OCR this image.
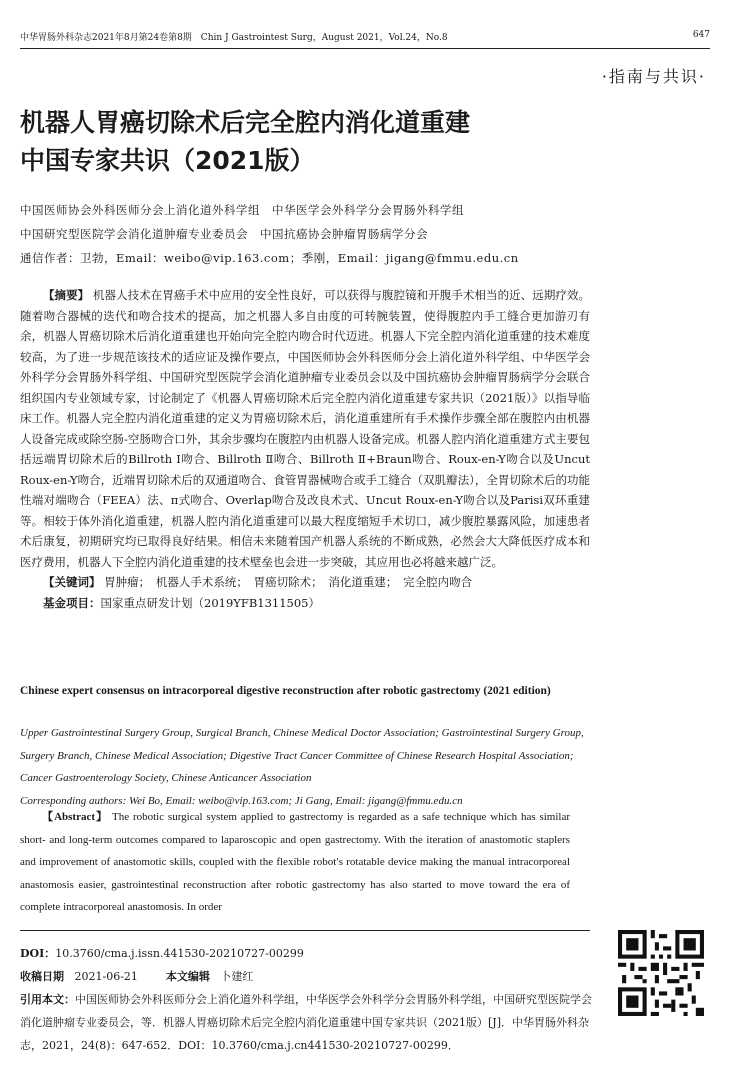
中华胃肠外科杂志2021年8月第24卷第8期　Chin J Gastrointest Surg，August 2021，Vol.24，No.8	647
·指南与共识·
机器人胃癌切除术后完全腔内消化道重建
中国专家共识（2021版）
中国医师协会外科医师分会上消化道外科学组　中华医学会外科学分会胃肠外科学组
中国研究型医院学会消化道肿瘤专业委员会　中国抗癌协会肿瘤胃肠病学分会
通信作者：卫勃，Email：weibo@vip.163.com；季刚，Email：jigang@fmmu.edu.cn

【摘要】 机器人技术在胃癌手术中应用的安全性良好，可以获得与腹腔镜和开腹手术相当的近、远期疗效。随着吻合器械的迭代和吻合技术的提高，加之机器人多自由度的可转腕装置，使得腹腔内手工缝合更加游刃有余，机器人胃癌切除术后消化道重建也开始向完全腔内吻合时代迈进。机器人下完全腔内消化道重建的技术难度较高，为了进一步规范该技术的适应证及操作要点，中国医师协会外科医师分会上消化道外科学组、中华医学会外科学分会胃肠外科学组、中国研究型医院学会消化道肿瘤专业委员会以及中国抗癌协会肿瘤胃肠病学分会联合组织国内专业领域专家，讨论制定了《机器人胃癌切除术后完全腔内消化道重建专家共识（2021版）》以指导临床工作。机器人完全腔内消化道重建的定义为胃癌切除术后，消化道重建所有手术操作步骤全部在腹腔内由机器人设备完成或除空肠-空肠吻合口外，其余步骤均在腹腔内由机器人设备完成。机器人腔内消化道重建方式主要包括远端胃切除术后的Billroth Ⅰ吻合、Billroth Ⅱ吻合、Billroth Ⅱ+Braun吻合、Roux-en-Y吻合以及Uncut Roux-en-Y吻合，近端胃切除术后的双通道吻合、食管胃器械吻合或手工缝合（双肌瓣法），全胃切除术后的功能性端对端吻合（FEEA）法、π式吻合、Overlap吻合及改良术式、Uncut Roux-en-Y吻合以及Parisi双环重建等。相较于体外消化道重建，机器人腔内消化道重建可以最大程度缩短手术切口，减少腹腔暴露风险，加速患者术后康复，初期研究均已取得良好结果。相信未来随着国产机器人系统的不断成熟，必然会大大降低医疗成本和医疗费用，机器人下全腔内消化道重建的技术壁垒也会进一步突破，其应用也必将越来越广泛。

【关键词】 胃肿瘤；　机器人手术系统；　胃癌切除术；　消化道重建；　完全腔内吻合

基金项目：国家重点研发计划（2019YFB1311505）

Chinese expert consensus on intracorporeal digestive reconstruction after robotic gastrectomy (2021 edition)
Upper Gastrointestinal Surgery Group, Surgical Branch, Chinese Medical Doctor Association; Gastrointestinal Surgery Group, Surgery Branch, Chinese Medical Association; Digestive Tract Cancer Committee of Chinese Research Hospital Association; Cancer Gastroenterology Society, Chinese Anticancer Association
Corresponding authors: Wei Bo, Email: weibo@vip.163.com; Ji Gang, Email: jigang@fmmu.edu.cn

【Abstract】 The robotic surgical system applied to gastrectomy is regarded as a safe technique which has similar short- and long-term outcomes compared to laparoscopic and open gastrectomy. With the iteration of anastomotic staplers and improvement of anastomotic skills, coupled with the flexible robot′s rotatable device making the manual intracorporeal anastomosis easier, gastrointestinal reconstruction after robotic gastrectomy has also started to move toward the era of complete intracorporeal anastomosis. In order

DOI：10.3760/cma.j.issn.441530-20210727-00299
收稿日期 2021-06-21	本文编辑 卜建红
引用本文：中国医师协会外科医师分会上消化道外科学组，中华医学会外科学分会胃肠外科学组，中国研究型医院学会消化道肿瘤专业委员会，等．机器人胃癌切除术后完全腔内消化道重建中国专家共识（2021版）[J]．中华胃肠外科杂志，2021，24(8)：647-652．DOI：10.3760/cma.j.cn441530-20210727-00299．
